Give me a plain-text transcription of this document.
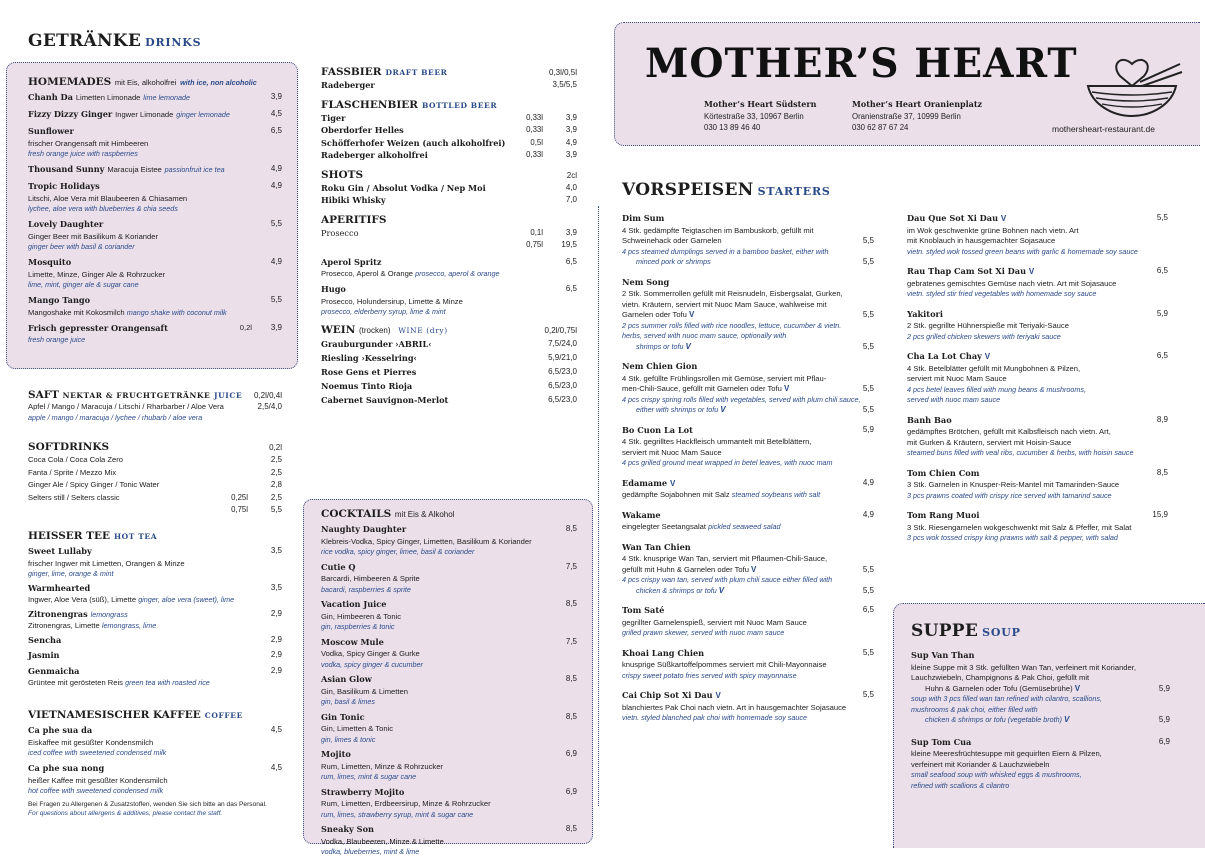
GETRÄNKE DRINKS
HOMEMADES mit Eis, alkoholfrei with ice, non alcoholic
Chanh Da Limetten Limonade lime lemonade	3,9
Fizzy Dizzy Ginger Ingwer Limonade ginger lemonade	4,5
Sunflower	6,5
frischer Orangensaft mit Himbeeren
fresh orange juice with raspberries
Thousand Sunny Maracuja Eistee passionfruit ice tea	4,9
Tropic Holidays	4,9
Litschi, Aloe Vera mit Blaubeeren & Chiasamen
lychee, aloe vera with blueberries & chia seeds
Lovely Daughter	5,5
Ginger Beer mit Basilikum & Koriander
ginger beer with basil & coriander
Mosquito	4,9
Limette, Minze, Ginger Ale & Rohrzucker
lime, mint, ginger ale & sugar cane
Mango Tango	5,5
Mangoshake mit Kokosmilch mango shake with coconut milk
Frisch gepresster Orangensaft	0,2l 3,9
fresh orange juice
SAFT NEKTAR & FRUCHTGETRÄNKE JUICE 0,2l/0,4l
Apfel / Mango / Maracuja / Litschi / Rharbarber / Aloe Vera	2,5/4,0
apple / mango / maracuja / lychee / rhubarb / aloe vera
SOFTDRINKS	0,2l
Coca Cola / Coca Cola Zero	2,5
Fanta / Sprite / Mezzo Mix	2,5
Ginger Ale / Spicy Ginger / Tonic Water	2,8
Selters still / Selters classic	0,25l	2,5
0,75l	5,5
HEISSER TEE HOT TEA
Sweet Lullaby	3,5
frischer Ingwer mit Limetten, Orangen & Minze
ginger, lime, orange & mint
Warmhearted	3,5
Ingwer, Aloe Vera (süß), Limette ginger, aloe vera (sweet), lime
Zitronengras lemongrass	2,9
Zitronengras, Limette lemongrass, lime
Sencha	2,9
Jasmin	2,9
Genmaicha	2,9
Grüntee mit gerösteten Reis green tea with roasted rice
VIETNAMESISCHER KAFFEE COFFEE
Ca phe sua da	4,5
Eiskaffee mit gesüßter Kondensmilch
iced coffee with sweetened condensed milk
Ca phe sua nong	4,5
heißer Kaffee mit gesüßter Kondensmilch
hot coffee with sweetened condensed milk
Bei Fragen zu Allergenen & Zusatzstoffen, wenden Sie sich bitte an das Personal.
For questions about allergens & additives, please contact the staff.
FASSBIER DRAFT BEER	0,3l/0,5l
Radeberger	3,5/5,5
FLASCHENBIER BOTTLED BEER
Tiger	0,33l	3,9
Oberdorfer Helles	0,33l	3,9
Schöfferhofer Weizen (auch alkoholfrei)	0,5l	4,9
Radeberger alkoholfrei	0,33l	3,9
SHOTS	2cl
Roku Gin / Absolut Vodka / Nep Moi	4,0
Hibiki Whisky	7,0
APERITIFS
Prosecco	0,1l	3,9
0,75l 19,5
Aperol Spritz	6,5
Prosecco, Aperol & Orange prosecco, aperol & orange
Hugo	6,5
Prosecco, Holundersirup, Limette & Minze
prosecco, elderberry syrup, lime & mint
WEIN (trocken) WINE (dry)	0,2l/0,75l
Grauburgunder ›ABRIL‹	7,5/24,0
Riesling ›Kesselring‹	5,9/21,0
Rose Gens et Pierres	6,5/23,0
Noemus Tinto Rioja	6,5/23,0
Cabernet Sauvignon-Merlot	6,5/23,0
COCKTAILS mit Eis & Alkohol
Naughty Daughter	8,5
Klebreis-Vodka, Spicy Ginger, Limetten, Basilikum & Koriander
rice vodka, spicy ginger, limee, basil & coriander
Cutie Q	7,5
Barcardi, Himbeeren & Sprite
bacardi, raspberries & sprite
Vacation Juice	8,5
Gin, Himbeeren & Tonic
gin, raspberries & tonic
Moscow Mule	7,5
Vodka, Spicy Ginger & Gurke
vodka, spicy ginger & cucumber
Asian Glow	8,5
Gin, Basilikum & Limetten
gin, basil & limes
Gin Tonic	8,5
Gin, Limetten & Tonic
gin, limes & tonic
Mojito	6,9
Rum, Limetten, Minze & Rohrzucker
rum, limes, mint & sugar cane
Strawberry Mojito	6,9
Rum, Limetten, Erdbeersirup, Minze & Rohrzucker
rum, limes, strawberry syrup, mint & sugar cane
Sneaky Son	8,5
Vodka, Blaubeeren, Minze & Limette
vodka, blueberries, mint & lime
MOTHER’S HEART
Mother’s Heart Südstern
Körtestraße 33, 10967 Berlin
030 13 89 46 40
Mother’s Heart Oranienplatz
Oranienstraße 37, 10999 Berlin
030 62 87 67 24	mothersheart-restaurant.de
VORSPEISEN STARTERS
Dim Sum
4 Stk. gedämpfte Teigtaschen im Bambuskorb, gefüllt mit
Schweinehack oder Garnelen	5,5
4 pcs steamed dumplings served in a bamboo basket, either with
minced pork or shrimps	5,5
Nem Song
2 Stk. Sommerrollen gefüllt mit Reisnudeln, Eisbergsalat, Gurken,
vietn. Kräutern, serviert mit Nuoc Mam Sauce, wahlweise mit
Garnelen oder Tofu V	5,5
2 pcs summer rolls filled with rice noodles, lettuce, cucumber & vietn.
herbs, served with nuoc mam sauce, optionally with
shrimps or tofu V	5,5
Nem Chien Gion
4 Stk. gefüllte Frühlingsrollen mit Gemüse, serviert mit Pflau-
men-Chili-Sauce, gefüllt mit Garnelen oder Tofu V	5,5
4 pcs crispy spring rolls filled with vegetables, served with plum chili sauce,
either with shrimps or tofu V	5,5
Bo Cuon La Lot	5,9
4 Stk. gegrilltes Hackfleisch ummantelt mit Betelblättern,
serviert mit Nuoc Mam Sauce
4 pcs grilled ground meat wrapped in betel leaves, with nuoc mam
Edamame V	4,9
gedämpfte Sojabohnen mit Salz steamed soybeans with salt
Wakame	4,9
eingelegter Seetangsalat pickled seaweed salad
Wan Tan Chien
4 Stk. knusprige Wan Tan, serviert mit Pflaumen-Chili-Sauce,
gefüllt mit Huhn & Garnelen oder Tofu V	5,5
4 pcs crispy wan tan, served with plum chili sauce either filled with
chicken & shrimps or tofu V	5,5
Tom Saté	6,5
gegrillter Garnelenspieß, serviert mit Nuoc Mam Sauce
grilled prawn skewer, served with nuoc mam sauce
Khoai Lang Chien	5,5
knusprige Süßkartoffelpommes serviert mit Chili-Mayonnaise
crispy sweet potato fries served with spicy mayonnaise
Cai Chip Sot Xi Dau V	5,5
blanchiertes Pak Choi nach vietn. Art in hausgemachter Sojasauce
vietn. styled blanched pak choi with homemade soy sauce
Dau Que Sot Xi Dau V	5,5
im Wok geschwenkte grüne Bohnen nach vietn. Art
mit Knoblauch in hausgemachter Sojasauce
vietn. styled wok tossed green beans with garlic & homemade soy sauce
Rau Thap Cam Sot Xi Dau V	6,5
gebratenes gemischtes Gemüse nach vietn. Art mit Sojasauce
vietn. styled stir fried vegetables with homemade soy sauce
Yakitori	5,9
2 Stk. gegrillte Hühnerspieße mit Teriyaki-Sauce
2 pcs grilled chicken skewers with teriyaki sauce
Cha La Lot Chay V	6,5
4 Stk. Betelblätter gefüllt mit Mungbohnen & Pilzen,
serviert mit Nuoc Mam Sauce
4 pcs betel leaves filled with mung beans & mushrooms,
served with nuoc mam sauce
Banh Bao	8,9
gedämpftes Brötchen, gefüllt mit Kalbsfleisch nach vietn. Art,
mit Gurken & Kräutern, serviert mit Hoisin-Sauce
steamed buns filled with veal ribs, cucumber & herbs, with hoisin sauce
Tom Chien Com	8,5
3 Stk. Garnelen in Knusper-Reis-Mantel mit Tamarinden-Sauce
3 pcs prawns coated with crispy rice served with tamarind sauce
Tom Rang Muoi	15,9
3 Stk. Riesengarnelen wokgeschwenkt mit Salz & Pfeffer, mit Salat
3 pcs wok tossed crispy king prawns with salt & pepper, with salad
SUPPE SOUP
Sup Van Than
kleine Suppe mit 3 Stk. gefüllten Wan Tan, verfeinert mit Koriander,
Lauchzwiebeln, Champignons & Pak Choi, gefüllt mit
Huhn & Garnelen oder Tofu (Gemüsebrühe) V	5,9
soup with 3 pcs filled wan tan refined with cilantro, scallions,
mushrooms & pak choi, either filled with
chicken & shrimps or tofu (vegetable broth) V	5,9
Sup Tom Cua	6,9
kleine Meeresfrüchtesuppe mit gequirlten Eiern & Pilzen,
verfeinert mit Koriander & Lauchzwiebeln
small seafood soup with whisked eggs & mushrooms,
refined with scallions & cilantro
